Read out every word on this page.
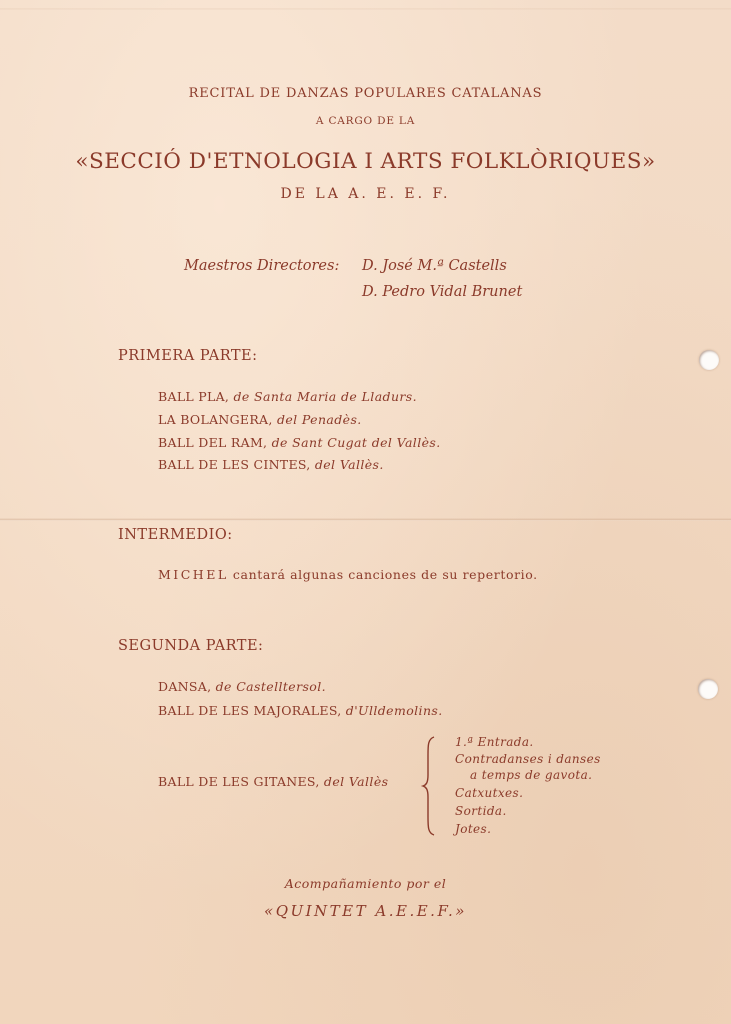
RECITAL DE DANZAS POPULARES CATALANAS
A CARGO DE LA
«SECCIÓ D'ETNOLOGIA I ARTS FOLKLÒRIQUES»
DE LA A. E. E. F.
Maestros Directores: D. José M.ª Castells
D. Pedro Vidal Brunet
PRIMERA PARTE:
BALL PLA, de Santa Maria de Lladurs.
LA BOLANGERA, del Penadès.
BALL DEL RAM, de Sant Cugat del Vallès.
BALL DE LES CINTES, del Vallès.
INTERMEDIO:
MICHEL cantará algunas canciones de su repertorio.
SEGUNDA PARTE:
DANSA, de Castelltersol.
BALL DE LES MAJORALES, d'Ulldemolins.
BALL DE LES GITANES, del Vallès
1.ª Entrada.
Contradanses i danses
a temps de gavota.
Catxutxes.
Sortida.
Jotes.
Acompañamiento por el
«QUINTET A.E.E.F.»
